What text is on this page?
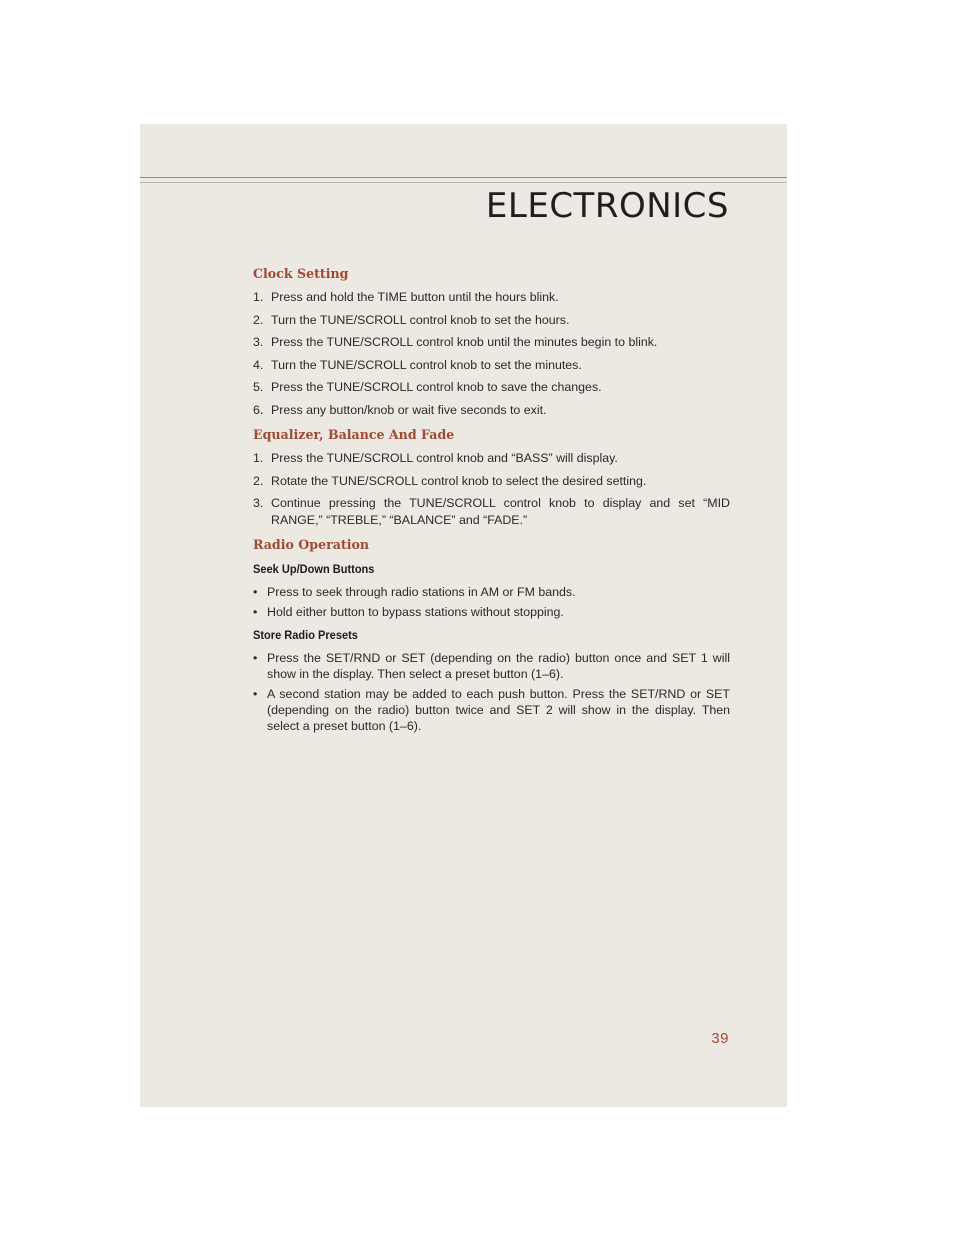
ELECTRONICS
Clock Setting
1. Press and hold the TIME button until the hours blink.
2. Turn the TUNE/SCROLL control knob to set the hours.
3. Press the TUNE/SCROLL control knob until the minutes begin to blink.
4. Turn the TUNE/SCROLL control knob to set the minutes.
5. Press the TUNE/SCROLL control knob to save the changes.
6. Press any button/knob or wait five seconds to exit.
Equalizer, Balance And Fade
1. Press the TUNE/SCROLL control knob and “BASS” will display.
2. Rotate the TUNE/SCROLL control knob to select the desired setting.
3. Continue pressing the TUNE/SCROLL control knob to display and set “MID RANGE,” “TREBLE,” “BALANCE” and “FADE.”
Radio Operation
Seek Up/Down Buttons
• Press to seek through radio stations in AM or FM bands.
• Hold either button to bypass stations without stopping.
Store Radio Presets
• Press the SET/RND or SET (depending on the radio) button once and SET 1 will show in the display. Then select a preset button (1–6).
• A second station may be added to each push button. Press the SET/RND or SET (depending on the radio) button twice and SET 2 will show in the display. Then select a preset button (1–6).
39
